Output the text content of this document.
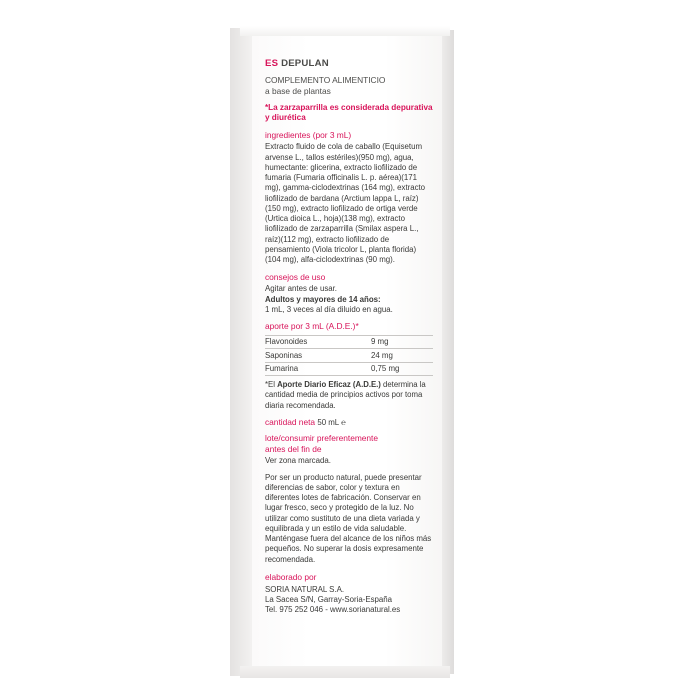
ES DEPULAN
COMPLEMENTO ALIMENTICIO
a base de plantas
*La zarzaparrilla es considerada depurativa y diurética
ingredientes (por 3 mL)
Extracto fluido de cola de caballo (Equisetum arvense L., tallos estériles)(950 mg), agua, humectante: glicerina, extracto liofilizado de fumaria (Fumaria officinalis L. p. aérea)(171 mg), gamma-ciclodextrinas (164 mg), extracto liofilizado de bardana (Arctium lappa L, raíz)(150 mg), extracto liofilizado de ortiga verde (Urtica dioica L., hoja)(138 mg), extracto liofilizado de zarzaparrilla (Smilax aspera L., raíz)(112 mg), extracto liofilizado de pensamiento (Viola tricolor L, planta florida) (104 mg), alfa-ciclodextrinas (90 mg).
consejos de uso
Agitar antes de usar.
Adultos y mayores de 14 años:
1 mL, 3 veces al día diluido en agua.
aporte por 3 mL (A.D.E.)*
Flavonoides	9 mg
Saponinas	24 mg
Fumarina	0,75 mg
*El Aporte Diario Eficaz (A.D.E.) determina la cantidad media de principios activos por toma diaria recomendada.
cantidad neta 50 mL ℮
lote/consumir preferentemente
antes del fin de
Ver zona marcada.
Por ser un producto natural, puede presentar diferencias de sabor, color y textura en diferentes lotes de fabricación. Conservar en lugar fresco, seco y protegido de la luz. No utilizar como sustituto de una dieta variada y equilibrada y un estilo de vida saludable. Manténgase fuera del alcance de los niños más pequeños. No superar la dosis expresamente recomendada.
elaborado por
SORIA NATURAL S.A.
La Sacea S/N, Garray-Soria-España
Tel. 975 252 046 - www.sorianatural.es
